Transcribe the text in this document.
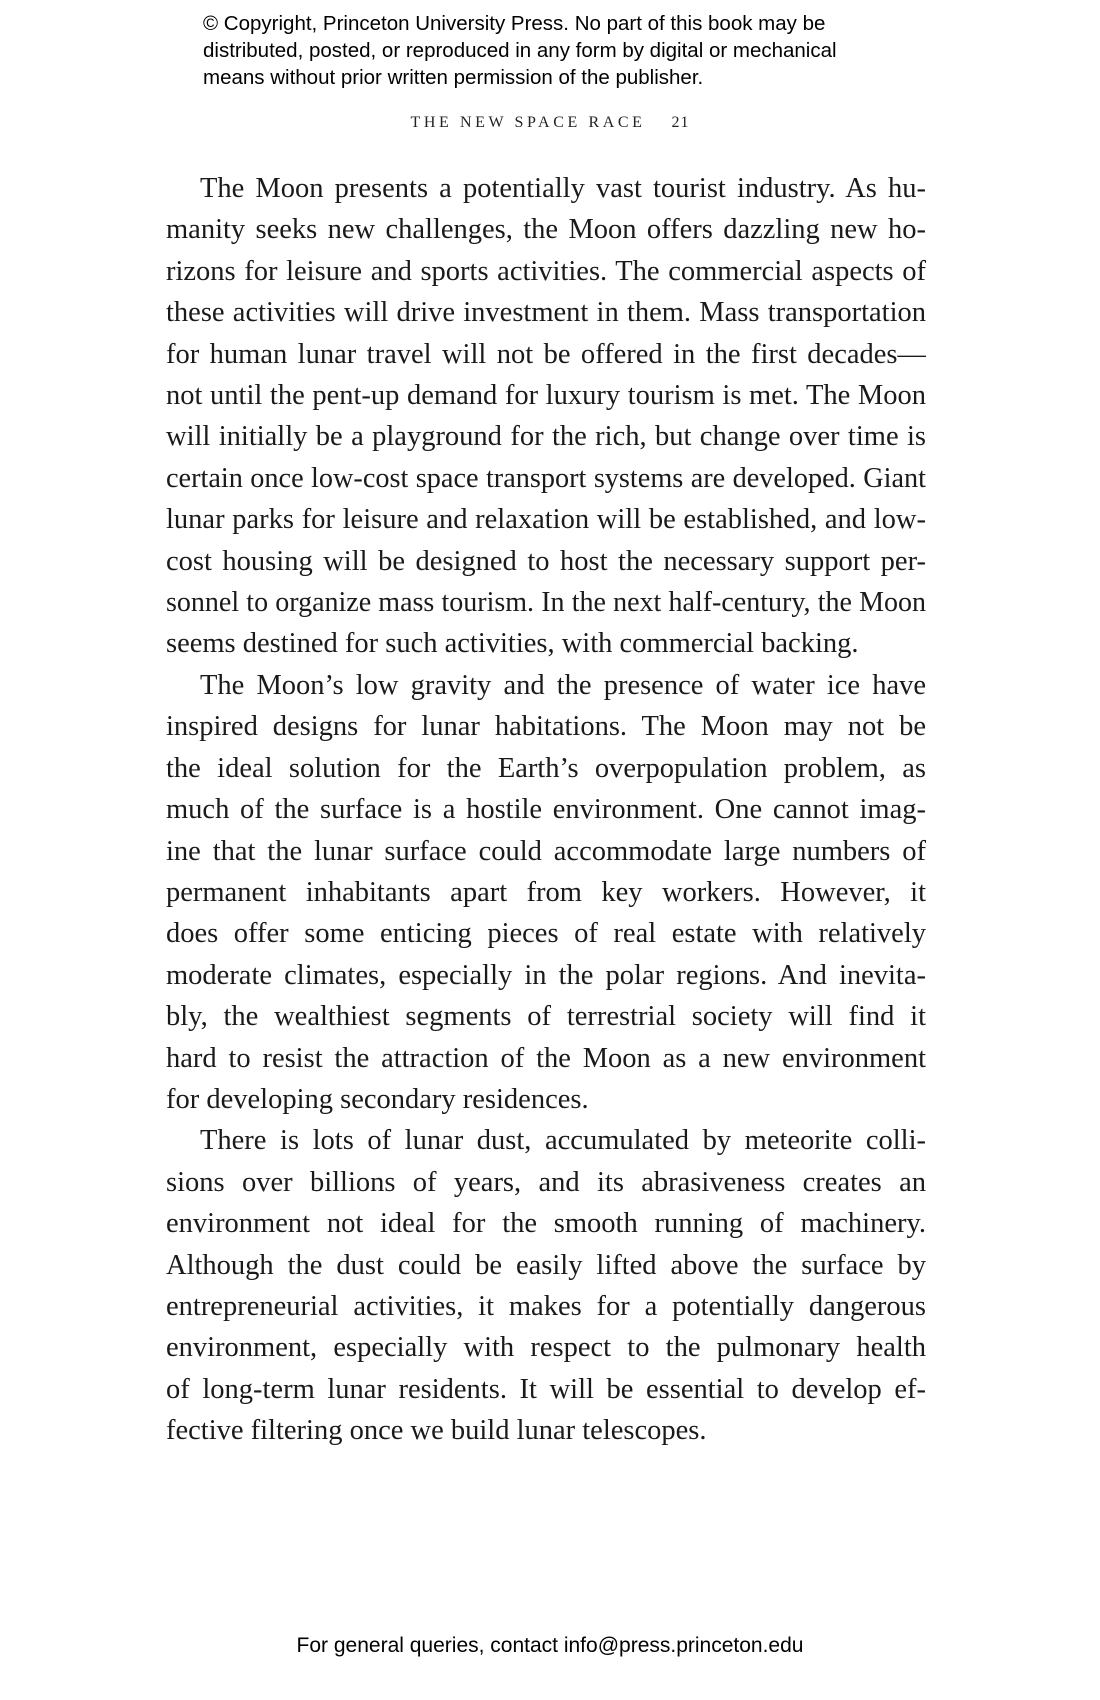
© Copyright, Princeton University Press. No part of this book may be
distributed, posted, or reproduced in any form by digital or mechanical
means without prior written permission of the publisher.
THE NEW SPACE RACE 21
The Moon presents a potentially vast tourist industry. As hu-
manity seeks new challenges, the Moon offers dazzling new ho-
rizons for leisure and sports activities. The commercial aspects of
these activities will drive investment in them. Mass transportation
for human lunar travel will not be offered in the first decades—
not until the pent-up demand for luxury tourism is met. The Moon
will initially be a playground for the rich, but change over time is
certain once low-cost space transport systems are developed. Giant
lunar parks for leisure and relaxation will be established, and low-
cost housing will be designed to host the necessary support per-
sonnel to organize mass tourism. In the next half-century, the Moon
seems destined for such activities, with commercial backing.
The Moon’s low gravity and the presence of water ice have
inspired designs for lunar habitations. The Moon may not be
the ideal solution for the Earth’s overpopulation problem, as
much of the surface is a hostile environment. One cannot imag-
ine that the lunar surface could accommodate large numbers of
permanent inhabitants apart from key workers. However, it
does offer some enticing pieces of real estate with relatively
moderate climates, especially in the polar regions. And inevita-
bly, the wealthiest segments of terrestrial society will find it
hard to resist the attraction of the Moon as a new environment
for developing secondary residences.
There is lots of lunar dust, accumulated by meteorite colli-
sions over billions of years, and its abrasiveness creates an
environment not ideal for the smooth running of machinery.
Although the dust could be easily lifted above the surface by
entrepreneurial activities, it makes for a potentially dangerous
environment, especially with respect to the pulmonary health
of long-term lunar residents. It will be essential to develop ef-
fective filtering once we build lunar telescopes.
For general queries, contact info@press.princeton.edu
